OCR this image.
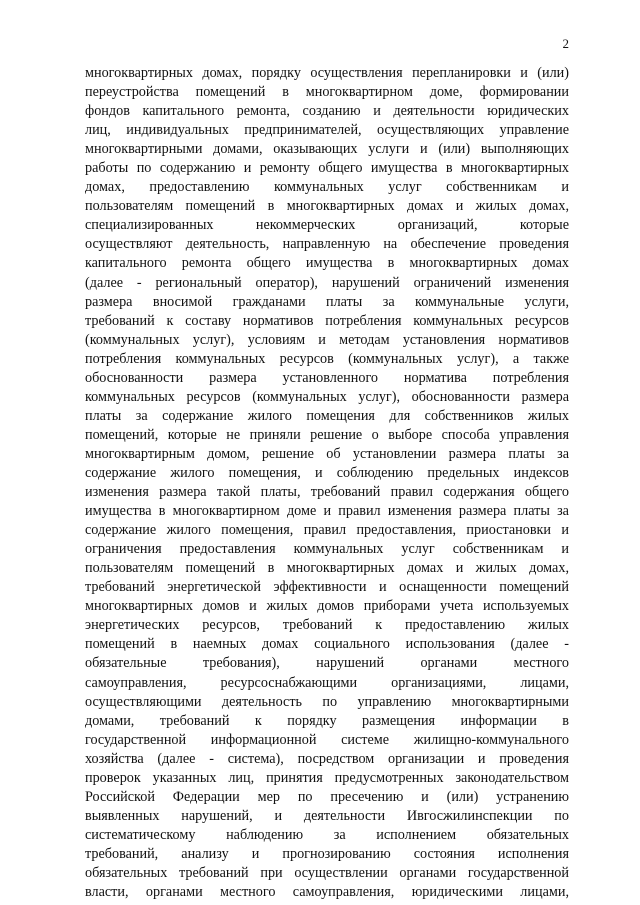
2
многоквартирных домах, порядку осуществления перепланировки и (или)
переустройства помещений в многоквартирном доме, формировании
фондов капитального ремонта, созданию и деятельности юридических
лиц, индивидуальных предпринимателей, осуществляющих управление
многоквартирными домами, оказывающих услуги и (или) выполняющих
работы по содержанию и ремонту общего имущества в многоквартирных
домах, предоставлению коммунальных услуг собственникам и
пользователям помещений в многоквартирных домах и жилых домах,
специализированных некоммерческих организаций, которые
осуществляют деятельность, направленную на обеспечение проведения
капитального ремонта общего имущества в многоквартирных домах
(далее - региональный оператор), нарушений ограничений изменения
размера вносимой гражданами платы за коммунальные услуги,
требований к составу нормативов потребления коммунальных ресурсов
(коммунальных услуг), условиям и методам установления нормативов
потребления коммунальных ресурсов (коммунальных услуг), а также
обоснованности размера установленного норматива потребления
коммунальных ресурсов (коммунальных услуг), обоснованности размера
платы за содержание жилого помещения для собственников жилых
помещений, которые не приняли решение о выборе способа управления
многоквартирным домом, решение об установлении размера платы за
содержание жилого помещения, и соблюдению предельных индексов
изменения размера такой платы, требований правил содержания общего
имущества в многоквартирном доме и правил изменения размера платы за
содержание жилого помещения, правил предоставления, приостановки и
ограничения предоставления коммунальных услуг собственникам и
пользователям помещений в многоквартирных домах и жилых домах,
требований энергетической эффективности и оснащенности помещений
многоквартирных домов и жилых домов приборами учета используемых
энергетических ресурсов, требований к предоставлению жилых
помещений в наемных домах социального использования (далее -
обязательные требования), нарушений органами местного
самоуправления, ресурсоснабжающими организациями, лицами,
осуществляющими деятельность по управлению многоквартирными
домами, требований к порядку размещения информации в
государственной информационной системе жилищно-коммунального
хозяйства (далее - система), посредством организации и проведения
проверок указанных лиц, принятия предусмотренных законодательством
Российской Федерации мер по пресечению и (или) устранению
выявленных нарушений, и деятельности Ивгосжилинспекции по
систематическому наблюдению за исполнением обязательных
требований, анализу и прогнозированию состояния исполнения
обязательных требований при осуществлении органами государственной
власти, органами местного самоуправления, юридическими лицами,
